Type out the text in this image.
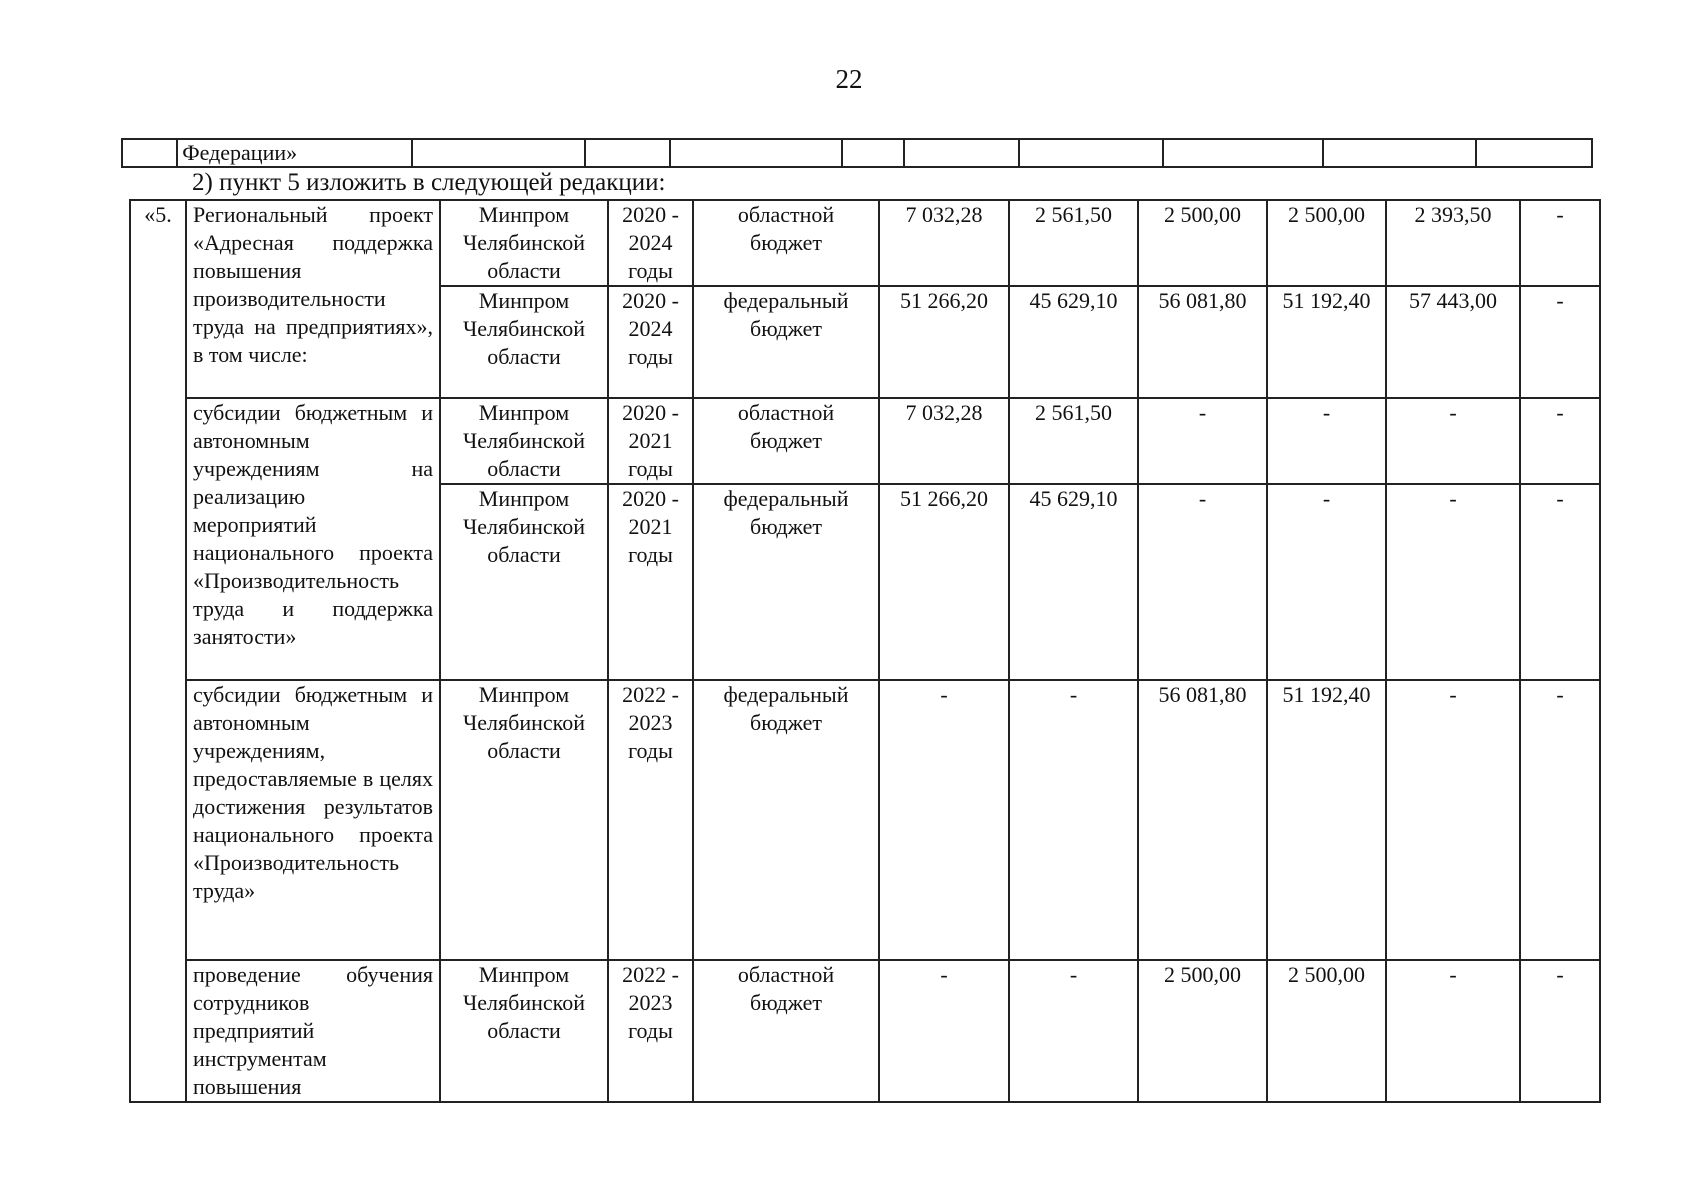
22
	Федерации»									
2) пункт 5 изложить в следующей редакции:
«5.	Региональный проект «Адресная поддержка повышения производительности труда на предприятиях», в том числе:	Минпром Челябинской области	2020 - 2024 годы	областной бюджет	7 032,28	2 561,50	2 500,00	2 500,00	2 393,50	-
		Минпром Челябинской области	2020 - 2024 годы	федеральный бюджет	51 266,20	45 629,10	56 081,80	51 192,40	57 443,00	-
	субсидии бюджетным и автономным учреждениям на реализацию мероприятий национального проекта «Производительность труда и поддержка занятости»	Минпром Челябинской области	2020 - 2021 годы	областной бюджет	7 032,28	2 561,50	-	-	-	-
		Минпром Челябинской области	2020 - 2021 годы	федеральный бюджет	51 266,20	45 629,10	-	-	-	-
	субсидии бюджетным и автономным учреждениям, предоставляемые в целях достижения результатов национального проекта «Производительность труда»	Минпром Челябинской области	2022 - 2023 годы	федеральный бюджет	-	-	56 081,80	51 192,40	-	-
	проведение обучения сотрудников предприятий инструментам повышения	Минпром Челябинской области	2022 - 2023 годы	областной бюджет	-	-	2 500,00	2 500,00	-	-
